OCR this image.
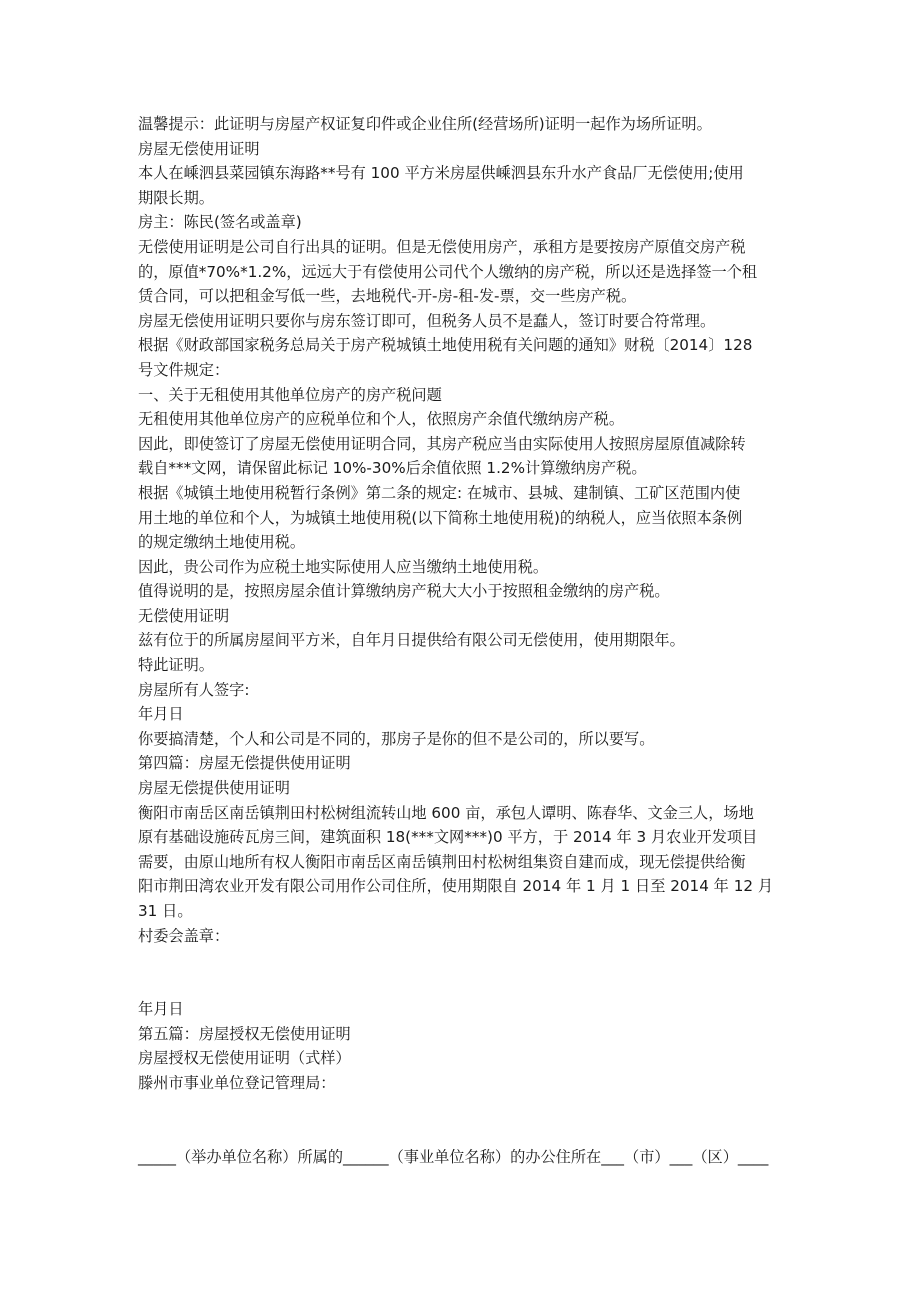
温馨提示：此证明与房屋产权证复印件或企业住所(经营场所)证明一起作为场所证明。
房屋无偿使用证明
本人在嵊泗县菜园镇东海路**号有 100 平方米房屋供嵊泗县东升水产食品厂无偿使用;使用
期限长期。
房主：陈民(签名或盖章)
无偿使用证明是公司自行出具的证明。但是无偿使用房产，承租方是要按房产原值交房产税
的，原值*70%*1.2%，远远大于有偿使用公司代个人缴纳的房产税，所以还是选择签一个租
赁合同，可以把租金写低一些，去地税代-开-房-租-发-票，交一些房产税。
房屋无偿使用证明只要你与房东签订即可，但税务人员不是蠢人，签订时要合符常理。
根据《财政部国家税务总局关于房产税城镇土地使用税有关问题的通知》财税〔2014〕128
号文件规定：
一、关于无租使用其他单位房产的房产税问题
无租使用其他单位房产的应税单位和个人，依照房产余值代缴纳房产税。
因此，即使签订了房屋无偿使用证明合同，其房产税应当由实际使用人按照房屋原值减除转
载自***文网，请保留此标记 10%-30%后余值依照 1.2%计算缴纳房产税。
根据《城镇土地使用税暂行条例》第二条的规定: 在城市、县城、建制镇、工矿区范围内使
用土地的单位和个人，为城镇土地使用税(以下简称土地使用税)的纳税人，应当依照本条例
的规定缴纳土地使用税。
因此，贵公司作为应税土地实际使用人应当缴纳土地使用税。
值得说明的是，按照房屋余值计算缴纳房产税大大小于按照租金缴纳的房产税。
无偿使用证明
兹有位于的所属房屋间平方米，自年月日提供给有限公司无偿使用，使用期限年。
特此证明。
房屋所有人签字:
年月日
你要搞清楚，个人和公司是不同的，那房子是你的但不是公司的，所以要写。
第四篇：房屋无偿提供使用证明
房屋无偿提供使用证明
衡阳市南岳区南岳镇荆田村松树组流转山地 600 亩，承包人谭明、陈春华、文金三人，场地
原有基础设施砖瓦房三间，建筑面积 18(***文网***)0 平方，于 2014 年 3 月农业开发项目
需要，由原山地所有权人衡阳市南岳区南岳镇荆田村松树组集资自建而成，现无偿提供给衡
阳市荆田湾农业开发有限公司用作公司住所，使用期限自 2014 年 1 月 1 日至 2014 年 12 月
31 日。
村委会盖章：
年月日
第五篇：房屋授权无偿使用证明
房屋授权无偿使用证明（式样）
滕州市事业单位登记管理局：
_____（举办单位名称）所属的______（事业单位名称）的办公住所在___（市）___（区）____
